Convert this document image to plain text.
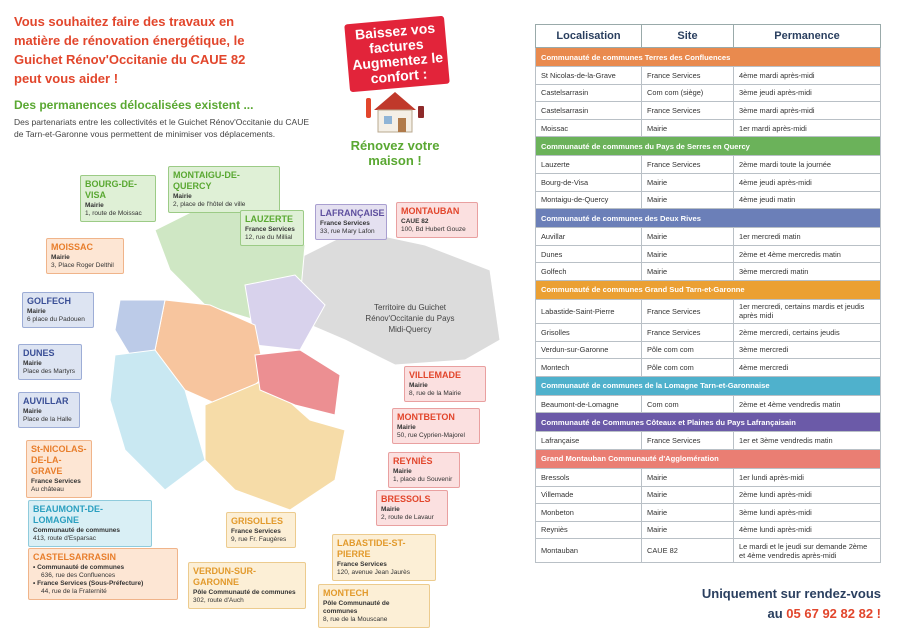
Vous souhaitez faire des travaux en matière de rénovation énergétique, le Guichet Rénov'Occitanie du CAUE 82 peut vous aider !
Des permanences délocalisées existent ...
Des partenariats entre les collectivités et le Guichet Rénov'Occitanie du CAUE de Tarn-et-Garonne vous permettent de minimiser vos déplacements.
Baissez vos factures Augmentez le confort :
Rénovez votre maison !
Territoire du Guichet Rénov'Occitanie du Pays Midi-Quercy
BOURG-DE-VISA
Mairie
1, route de Moissac
MONTAIGU-DE-QUERCY
Mairie
2, place de l'hôtel de ville
LAUZERTE
France Services
12, rue du Millial
LAFRANÇAISE
France Services
33, rue Mary Lafon
MONTAUBAN
CAUE 82
100, Bd Hubert Gouze
MOISSAC
Mairie
3, Place Roger Delthil
GOLFECH
Mairie
6 place du Padouen
DUNES
Mairie
Place des Martyrs
AUVILLAR
Mairie
Place de la Halle
St-NICOLAS-DE-LA-GRAVE
France Services
Au château
BEAUMONT-DE-LOMAGNE
Communauté de communes
413, route d'Esparsac
CASTELSARRASIN
• Communauté de communes
636, rue des Confluences
• France Services (Sous-Préfecture)
44, rue de la Fraternité
GRISOLLES
France Services
9, rue Fr. Faugères
VERDUN-SUR-GARONNE
Pôle Communauté de communes
302, route d'Auch
LABASTIDE-ST-PIERRE
France Services
120, avenue Jean Jaurès
MONTECH
Pôle Communauté de communes
8, rue de la Mouscane
VILLEMADE
Mairie
8, rue de la Mairie
MONTBETON
Mairie
50, rue Cyprien-Majorel
REYNIÈS
Mairie
1, place du Souvenir
BRESSOLS
Mairie
2, route de Lavaur
Localisation	Site	Permanence
Communauté de communes Terres des Confluences		
St Nicolas-de-la-Grave	France Services	4ème mardi après-midi
Castelsarrasin	Com com (siège)	3ème jeudi après-midi
Castelsarrasin	France Services	3ème mardi après-midi
Moissac	Mairie	1er mardi après-midi
Communauté de communes du Pays de Serres en Quercy		
Lauzerte	France Services	2ème mardi toute la journée
Bourg-de-Visa	Mairie	4ème jeudi après-midi
Montaigu-de-Quercy	Mairie	4ème jeudi matin
Communauté de communes des Deux Rives		
Auvillar	Mairie	1er mercredi matin
Dunes	Mairie	2ème et 4ème mercredis matin
Golfech	Mairie	3ème mercredi matin
Communauté de communes Grand Sud Tarn-et-Garonne		
Labastide-Saint-Pierre	France Services	1er mercredi, certains mardis et jeudis après midi
Grisolles	France Services	2ème mercredi, certains jeudis
Verdun-sur-Garonne	Pôle com com	3ème mercredi
Montech	Pôle com com	4ème mercredi
Communauté de communes de la Lomagne Tarn-et-Garonnaise		
Beaumont-de-Lomagne	Com com	2ème et 4ème vendredis matin
Communauté de Communes Côteaux et Plaines du Pays Lafrançaisain		
Lafrançaise	France Services	1er et 3ème vendredis matin
Grand Montauban Communauté d'Agglomération		
Bressols	Mairie	1er lundi après-midi
Villemade	Mairie	2ème lundi après-midi
Monbeton	Mairie	3ème lundi après-midi
Reyniès	Mairie	4ème lundi après-midi
Montauban	CAUE 82	Le mardi et le jeudi sur demande 2ème et 4ème vendredis après-midi
Uniquement sur rendez-vous
au 05 67 92 82 82 !
